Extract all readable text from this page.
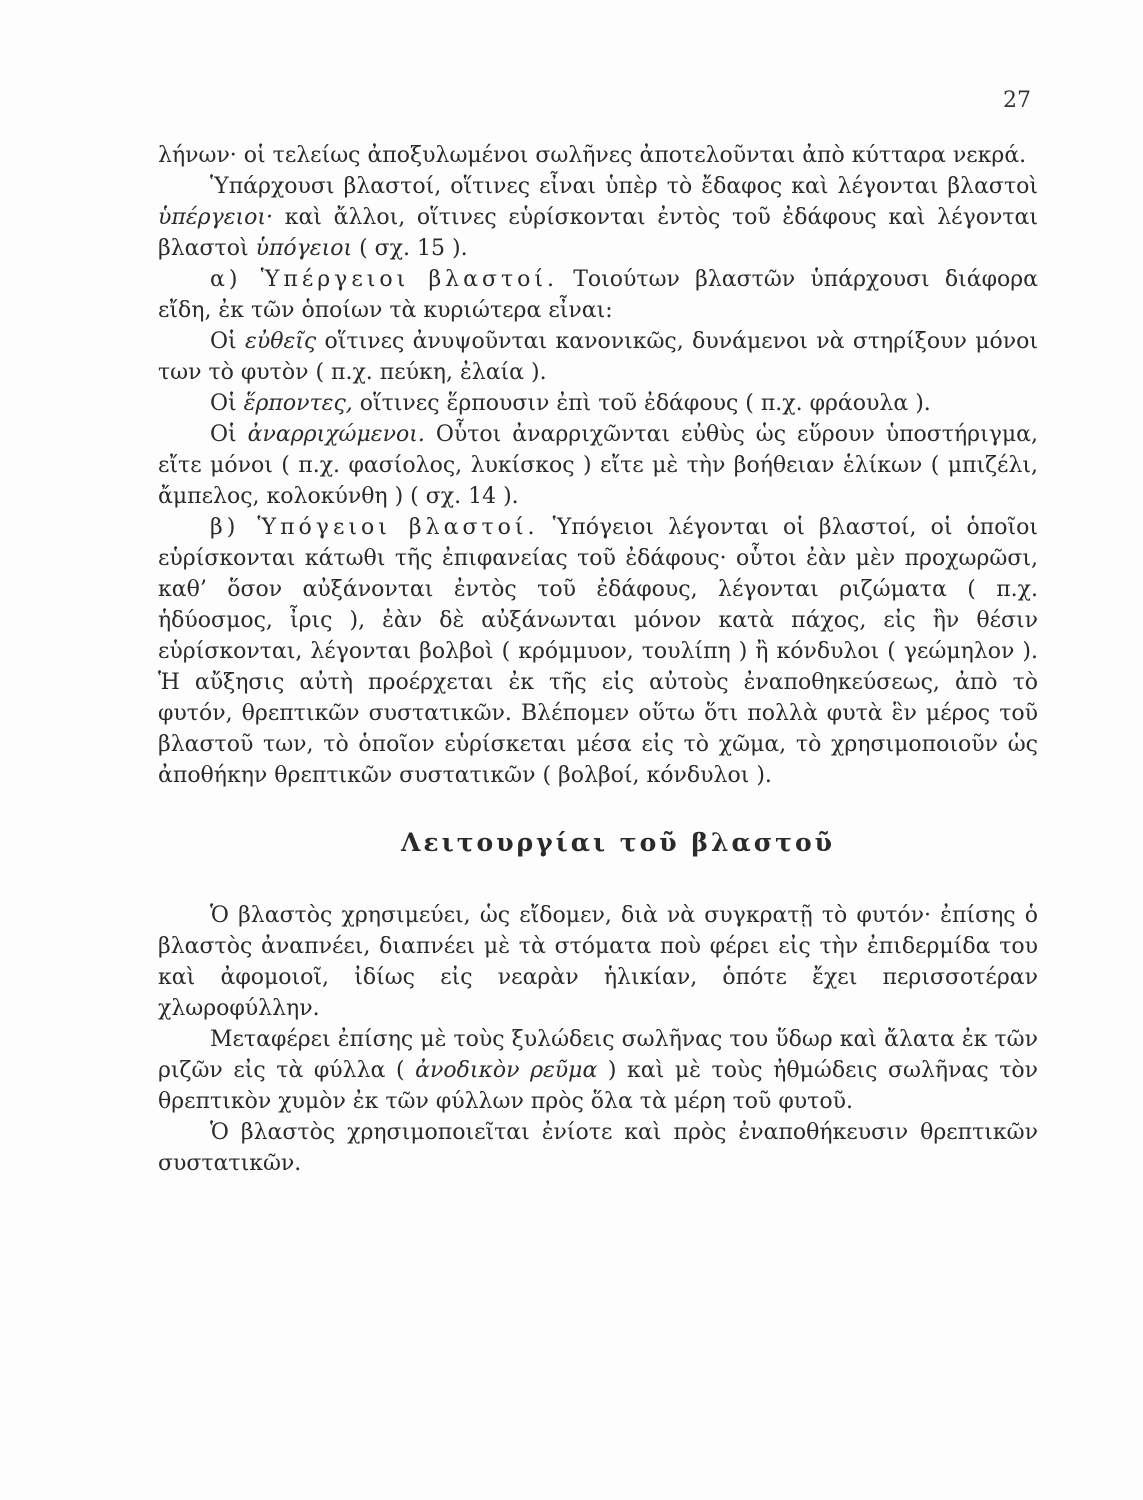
27

λήνων· οἱ τελείως ἀποξυλωμένοι σωλῆνες ἀποτελοῦνται ἀπὸ κύτταρα νεκρά.

Ὑπάρχουσι βλαστοί, οἵτινες εἶναι ὑπὲρ τὸ ἔδαφος καὶ λέγονται βλαστοὶ ὑπέργειοι· καὶ ἄλλοι, οἵτινες εὑρίσκονται ἐντὸς τοῦ ἐδάφους καὶ λέγονται βλαστοὶ ὑπόγειοι ( σχ. 15 ).

α) Ὑπέργειοι βλαστοί. Τοιούτων βλαστῶν ὑπάρχουσι διάφορα εἴδη, ἐκ τῶν ὁποίων τὰ κυριώτερα εἶναι:

Οἱ εὐθεῖς οἵτινες ἀνυψοῦνται κανονικῶς, δυνάμενοι νὰ στηρίξουν μόνοι των τὸ φυτὸν ( π.χ. πεύκη, ἐλαία ).

Οἱ ἕρποντες, οἵτινες ἕρπουσιν ἐπὶ τοῦ ἐδάφους ( π.χ. φράουλα ).

Οἱ ἀναρριχώμενοι. Οὗτοι ἀναρριχῶνται εὐθὺς ὡς εὕρουν ὑποστήριγμα, εἴτε μόνοι ( π.χ. φασίολος, λυκίσκος ) εἴτε μὲ τὴν βοήθειαν ἑλίκων ( μπιζέλι, ἄμπελος, κολοκύνθη ) ( σχ. 14 ).

β) Ὑπόγειοι βλαστοί. Ὑπόγειοι λέγονται οἱ βλαστοί, οἱ ὁποῖοι εὑρίσκονται κάτωθι τῆς ἐπιφανείας τοῦ ἐδάφους· οὗτοι ἐὰν μὲν προχωρῶσι, καθ’ ὅσον αὐξάνονται ἐντὸς τοῦ ἐδάφους, λέγονται ριζώματα ( π.χ. ἡδύοσμος, ἶρις ), ἐὰν δὲ αὐξάνωνται μόνον κατὰ πάχος, εἰς ἣν θέσιν εὑρίσκονται, λέγονται βολβοὶ ( κρόμμυον, τουλίπη ) ἢ κόνδυλοι ( γεώμηλον ). Ἡ αὔξησις αὐτὴ προέρχεται ἐκ τῆς εἰς αὐτοὺς ἐναποθηκεύσεως, ἀπὸ τὸ φυτόν, θρεπτικῶν συστατικῶν. Βλέπομεν οὕτω ὅτι πολλὰ φυτὰ ἓν μέρος τοῦ βλαστοῦ των, τὸ ὁποῖον εὑρίσκεται μέσα εἰς τὸ χῶμα, τὸ χρησιμοποιοῦν ὡς ἀποθήκην θρεπτικῶν συστατικῶν ( βολβοί, κόνδυλοι ).

Λειτουργίαι τοῦ βλαστοῦ

Ὁ βλαστὸς χρησιμεύει, ὡς εἴδομεν, διὰ νὰ συγκρατῇ τὸ φυτόν· ἐπίσης ὁ βλαστὸς ἀναπνέει, διαπνέει μὲ τὰ στόματα ποὺ φέρει εἰς τὴν ἐπιδερμίδα του καὶ ἀφομοιοῖ, ἰδίως εἰς νεαρὰν ἡλικίαν, ὁπότε ἔχει περισσοτέραν χλωροφύλλην.

Μεταφέρει ἐπίσης μὲ τοὺς ξυλώδεις σωλῆνας του ὕδωρ καὶ ἄλατα ἐκ τῶν ριζῶν εἰς τὰ φύλλα ( ἀνοδικὸν ρεῦμα ) καὶ μὲ τοὺς ἠθμώδεις σωλῆνας τὸν θρεπτικὸν χυμὸν ἐκ τῶν φύλλων πρὸς ὅλα τὰ μέρη τοῦ φυτοῦ.

Ὁ βλαστὸς χρησιμοποιεῖται ἐνίοτε καὶ πρὸς ἐναποθήκευσιν θρεπτικῶν συστατικῶν.
